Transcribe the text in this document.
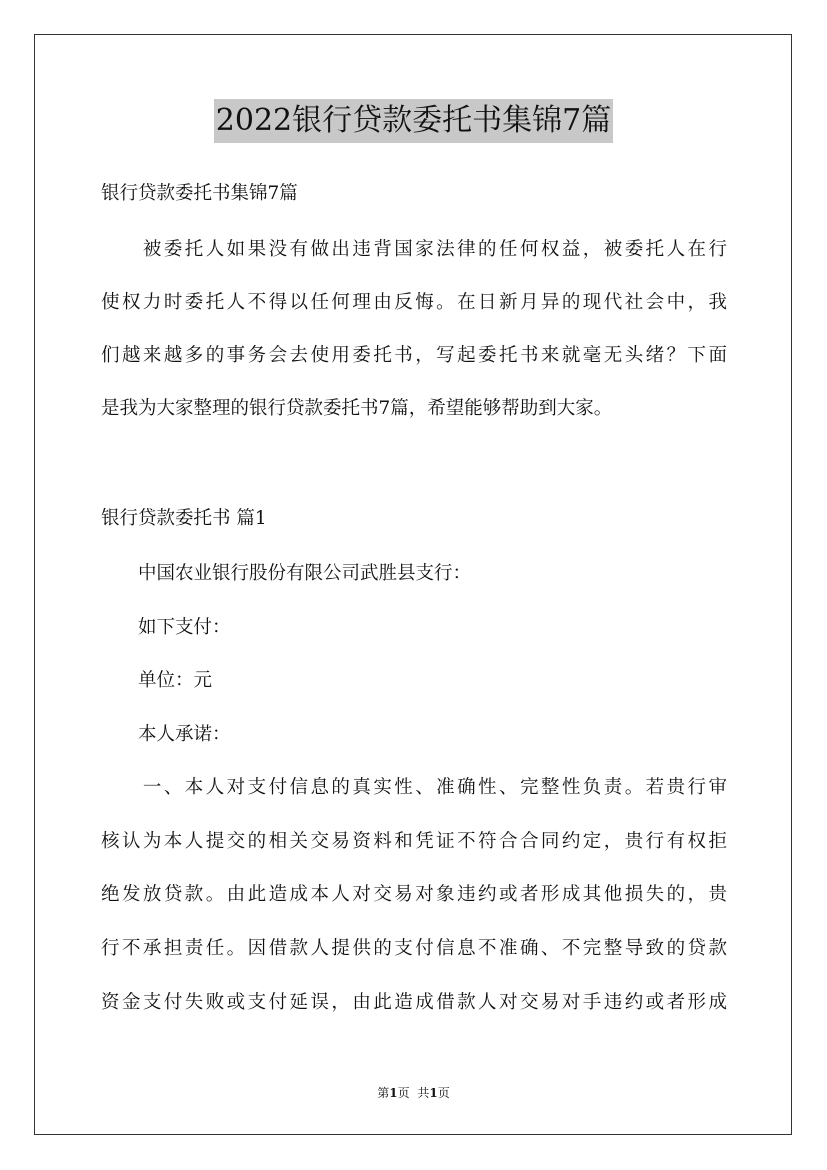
2022银行贷款委托书集锦7篇
银行贷款委托书集锦7篇
　　被委托人如果没有做出违背国家法律的任何权益，被委托人在行
使权力时委托人不得以任何理由反悔。在日新月异的现代社会中，我
们越来越多的事务会去使用委托书，写起委托书来就毫无头绪？下面
是我为大家整理的银行贷款委托书7篇，希望能够帮助到大家。
银行贷款委托书 篇1
　　中国农业银行股份有限公司武胜县支行：
　　如下支付：
　　单位：元
　　本人承诺：
　　一、本人对支付信息的真实性、准确性、完整性负责。若贵行审
核认为本人提交的相关交易资料和凭证不符合合同约定，贵行有权拒
绝发放贷款。由此造成本人对交易对象违约或者形成其他损失的，贵
行不承担责任。因借款人提供的支付信息不准确、不完整导致的贷款
资金支付失败或支付延误，由此造成借款人对交易对手违约或者形成
第1页 共1页
